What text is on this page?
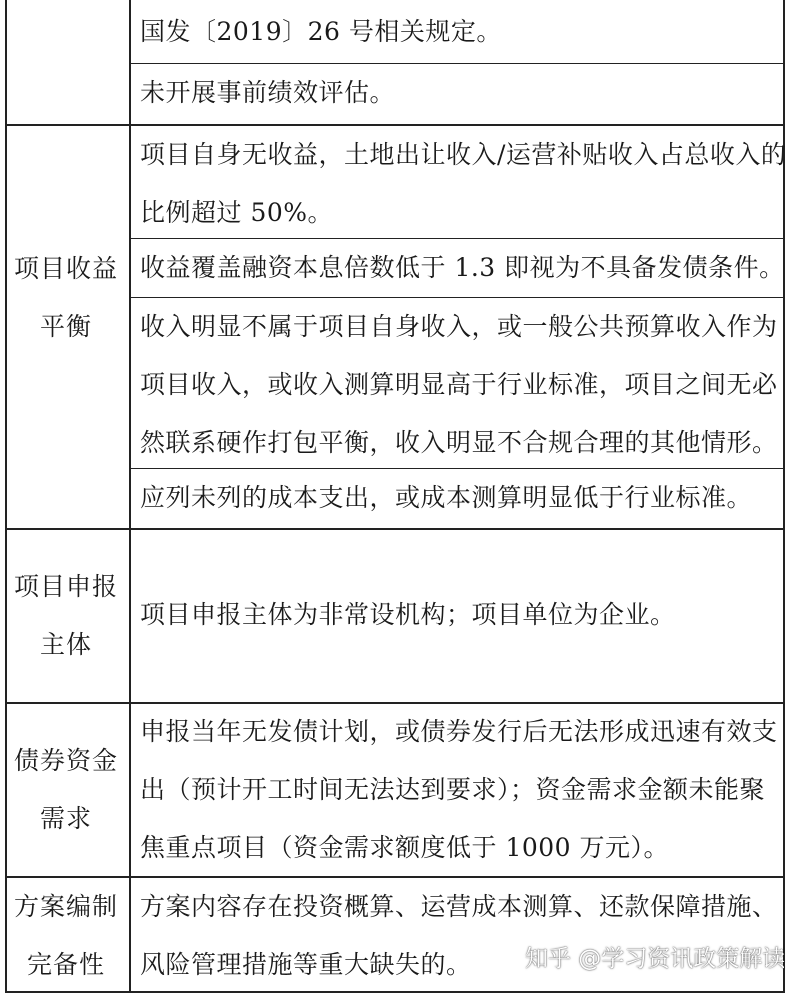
国发〔2019〕26 号相关规定。
未开展事前绩效评估。
项目收益
平衡
项目自身无收益，土地出让收入/运营补贴收入占总收入的
比例超过 50%。
收益覆盖融资本息倍数低于 1.3 即视为不具备发债条件。
收入明显不属于项目自身收入，或一般公共预算收入作为
项目收入，或收入测算明显高于行业标准，项目之间无必
然联系硬作打包平衡，收入明显不合规合理的其他情形。
应列未列的成本支出，或成本测算明显低于行业标准。
项目申报
主体
项目申报主体为非常设机构；项目单位为企业。
债券资金
需求
申报当年无发债计划，或债券发行后无法形成迅速有效支
出（预计开工时间无法达到要求）；资金需求金额未能聚
焦重点项目（资金需求额度低于 1000 万元）。
方案编制
完备性
方案内容存在投资概算、运营成本测算、还款保障措施、
风险管理措施等重大缺失的。	知乎 @学习资讯政策解读
